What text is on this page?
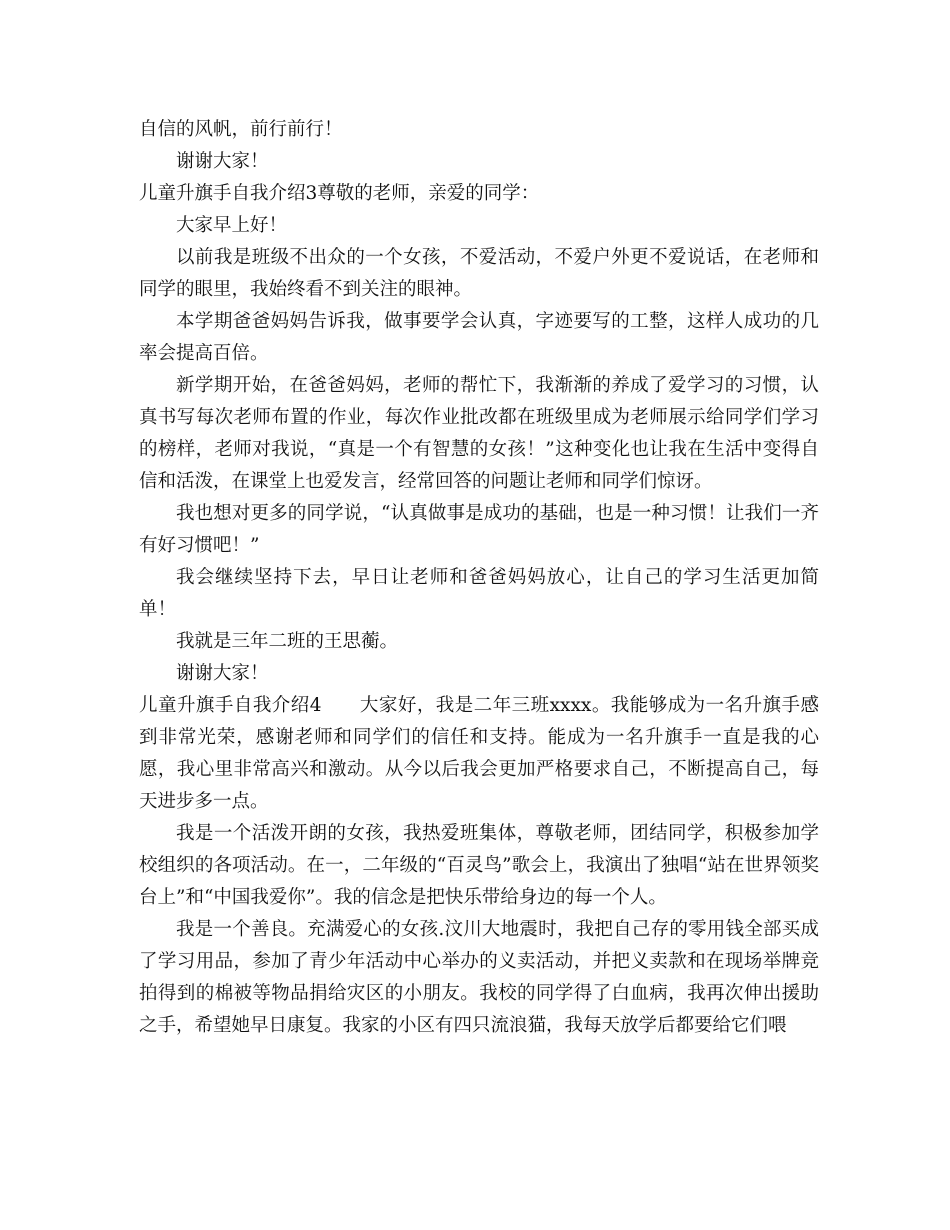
自信的风帆，前行前行！

谢谢大家！

儿童升旗手自我介绍3尊敬的老师，亲爱的同学：

大家早上好！

以前我是班级不出众的一个女孩，不爱活动，不爱户外更不爱说话，在老师和同学的眼里，我始终看不到关注的眼神。

本学期爸爸妈妈告诉我，做事要学会认真，字迹要写的工整，这样人成功的几率会提高百倍。

新学期开始，在爸爸妈妈，老师的帮忙下，我渐渐的养成了爱学习的习惯，认真书写每次老师布置的作业，每次作业批改都在班级里成为老师展示给同学们学习的榜样，老师对我说，“真是一个有智慧的女孩！”这种变化也让我在生活中变得自信和活泼，在课堂上也爱发言，经常回答的问题让老师和同学们惊讶。

我也想对更多的同学说，“认真做事是成功的基础，也是一种习惯！让我们一齐有好习惯吧！”

我会继续坚持下去，早日让老师和爸爸妈妈放心，让自己的学习生活更加简单！

我就是三年二班的王思蘅。

谢谢大家！

儿童升旗手自我介绍4　　大家好，我是二年三班xxxx。我能够成为一名升旗手感到非常光荣，感谢老师和同学们的信任和支持。能成为一名升旗手一直是我的心愿，我心里非常高兴和激动。从今以后我会更加严格要求自己，不断提高自己，每天进步多一点。

我是一个活泼开朗的女孩，我热爱班集体，尊敬老师，团结同学，积极参加学校组织的各项活动。在一，二年级的“百灵鸟”歌会上，我演出了独唱“站在世界领奖台上”和“中国我爱你”。我的信念是把快乐带给身边的每一个人。

我是一个善良。充满爱心的女孩.汶川大地震时，我把自己存的零用钱全部买成了学习用品，参加了青少年活动中心举办的义卖活动，并把义卖款和在现场举牌竞拍得到的棉被等物品捐给灾区的小朋友。我校的同学得了白血病，我再次伸出援助之手，希望她早日康复。我家的小区有四只流浪猫，我每天放学后都要给它们喂
